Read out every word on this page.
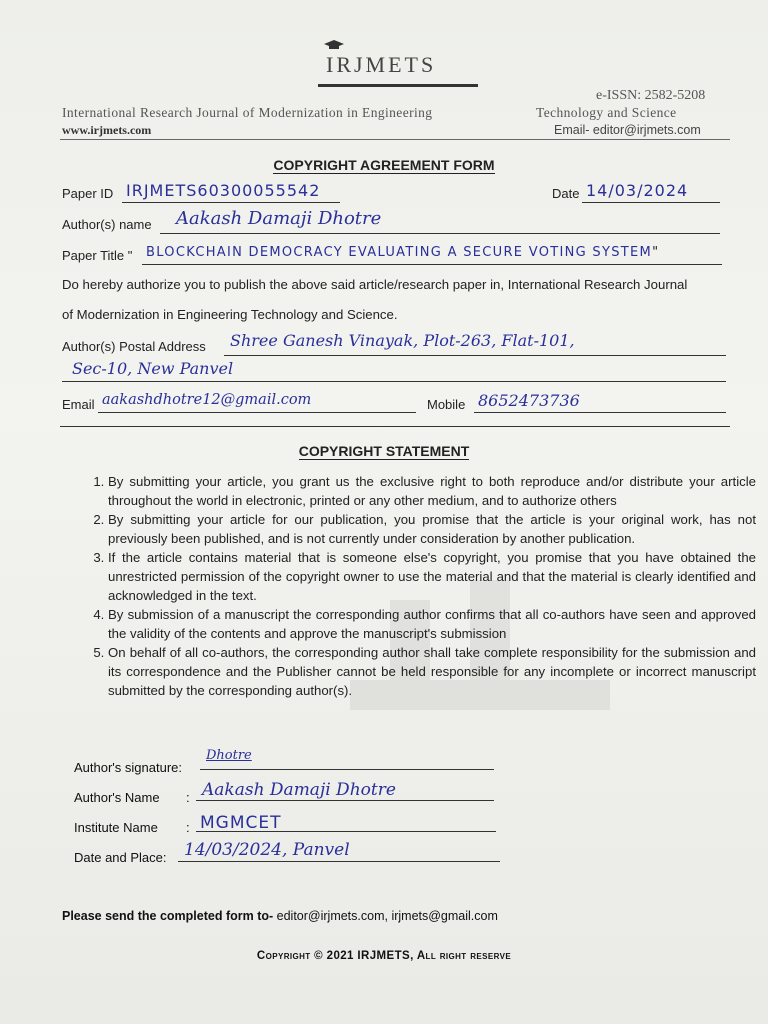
IRJMETS
e-ISSN: 2582-5208
International Research Journal of Modernization in Engineering	Technology and Science
www.irjmets.com	Email- editor@irjmets.com
COPYRIGHT AGREEMENT FORM
Paper ID IRJMETS60300055542	Date 14/03/2024
Author(s) name Aakash Damaji Dhotre
Paper Title " BLOCKCHAIN DEMOCRACY EVALUATING A SECURE VOTING SYSTEM"
Do hereby authorize you to publish the above said article/research paper in, International Research Journal
of Modernization in Engineering Technology and Science.
Author(s) Postal Address Shree Ganesh Vinayak, Plot-263, Flat-101,
Sec-10, New Panvel
Email aakashdhotre12@gmail.com	Mobile 8652473736
COPYRIGHT STATEMENT
1. By submitting your article, you grant us the exclusive right to both reproduce and/or distribute your article throughout the world in electronic, printed or any other medium, and to authorize others
2. By submitting your article for our publication, you promise that the article is your original work, has not previously been published, and is not currently under consideration by another publication.
3. If the article contains material that is someone else's copyright, you promise that you have obtained the unrestricted permission of the copyright owner to use the material and that the material is clearly identified and acknowledged in the text.
4. By submission of a manuscript the corresponding author confirms that all co-authors have seen and approved the validity of the contents and approve the manuscript's submission
5. On behalf of all co-authors, the corresponding author shall take complete responsibility for the submission and its correspondence and the Publisher cannot be held responsible for any incomplete or incorrect manuscript submitted by the corresponding author(s).
Author's signature:
Dhotre
Author's Name : Aakash Damaji Dhotre
Institute Name : MGMCET
Date and Place: 14/03/2024, Panvel
Please send the completed form to- editor@irjmets.com, irjmets@gmail.com
Copyright © 2021 IRJMETS, All right reserve
